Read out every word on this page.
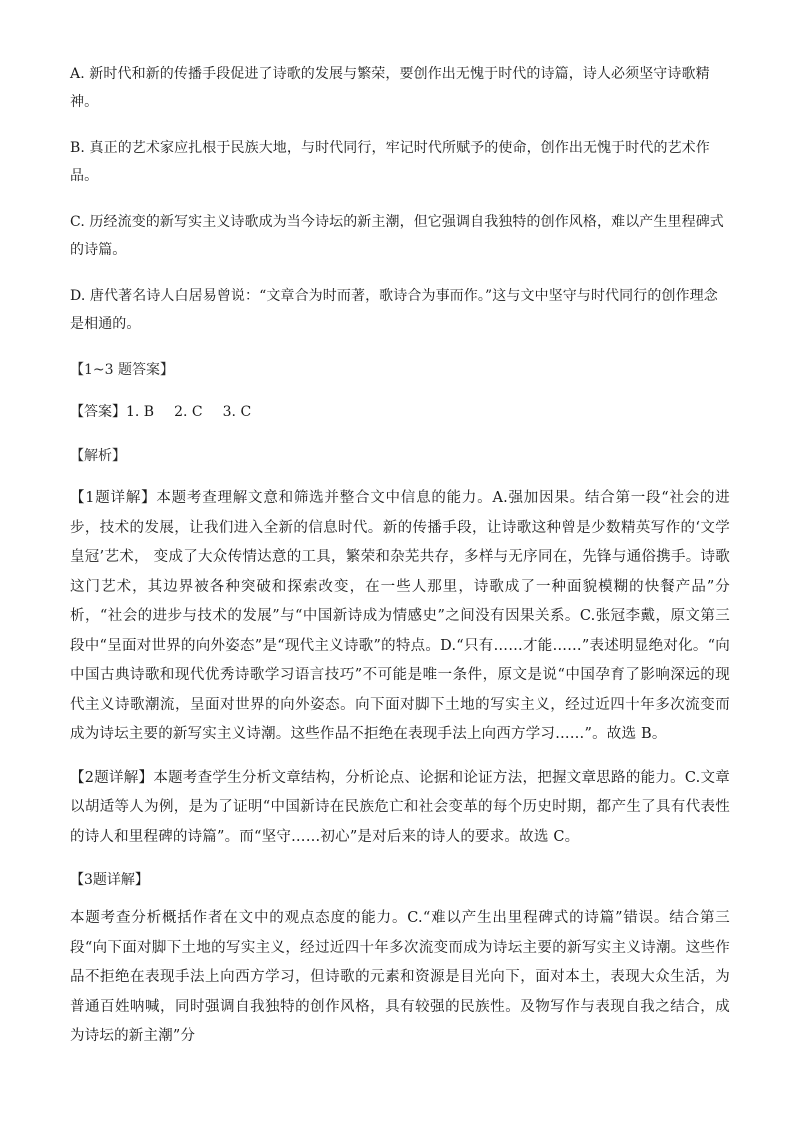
A. 新时代和新的传播手段促进了诗歌的发展与繁荣，要创作出无愧于时代的诗篇，诗人必须坚守诗歌精神。

B. 真正的艺术家应扎根于民族大地，与时代同行，牢记时代所赋予的使命，创作出无愧于时代的艺术作品。

C. 历经流变的新写实主义诗歌成为当今诗坛的新主潮，但它强调自我独特的创作风格，难以产生里程碑式的诗篇。

D. 唐代著名诗人白居易曾说：“文章合为时而著，歌诗合为事而作。”这与文中坚守与时代同行的创作理念是相通的。

【1~3 题答案】

【答案】1. B 2. C 3. C

【解析】

【1题详解】本题考查理解文意和筛选并整合文中信息的能力。A.强加因果。结合第一段“社会的进步，技术的发展，让我们进入全新的信息时代。新的传播手段，让诗歌这种曾是少数精英写作的‘文学皇冠’艺术， 变成了大众传情达意的工具，繁荣和杂芜共存，多样与无序同在，先锋与通俗携手。诗歌这门艺术，其边界被各种突破和探索改变，在一些人那里，诗歌成了一种面貌模糊的快餐产品”分析，“社会的进步与技术的发展”与“中国新诗成为情感史”之间没有因果关系。C.张冠李戴，原文第三段中“呈面对世界的向外姿态”是“现代主义诗歌”的特点。D.“只有……才能……”表述明显绝对化。“向中国古典诗歌和现代优秀诗歌学习语言技巧”不可能是唯一条件，原文是说“中国孕育了影响深远的现代主义诗歌潮流，呈面对世界的向外姿态。向下面对脚下土地的写实主义，经过近四十年多次流变而成为诗坛主要的新写实主义诗潮。这些作品不拒绝在表现手法上向西方学习……”。故选 B。

【2题详解】本题考查学生分析文章结构，分析论点、论据和论证方法，把握文章思路的能力。C.文章以胡适等人为例，是为了证明“中国新诗在民族危亡和社会变革的每个历史时期，都产生了具有代表性的诗人和里程碑的诗篇”。而“坚守……初心”是对后来的诗人的要求。故选 C。

【3题详解】

本题考查分析概括作者在文中的观点态度的能力。C.“难以产生出里程碑式的诗篇”错误。结合第三段“向下面对脚下土地的写实主义，经过近四十年多次流变而成为诗坛主要的新写实主义诗潮。这些作品不拒绝在表现手法上向西方学习，但诗歌的元素和资源是目光向下，面对本土，表现大众生活，为普通百姓呐喊，同时强调自我独特的创作风格，具有较强的民族性。及物写作与表现自我之结合，成为诗坛的新主潮”分
